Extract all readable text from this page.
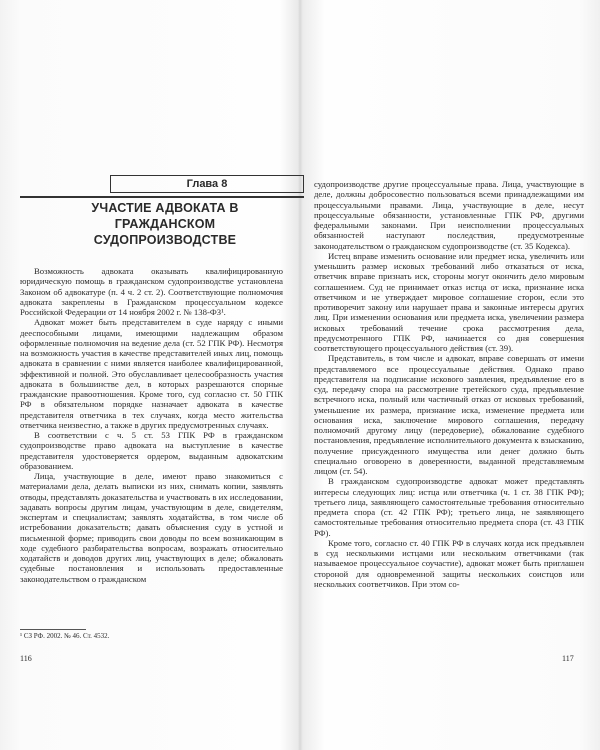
Глава 8
УЧАСТИЕ АДВОКАТА В ГРАЖДАНСКОМ СУДОПРОИЗВОДСТВЕ

Возможность адвоката оказывать квалифицированную юридическую помощь в гражданском судопроизводстве установлена Законом об адвокатуре (п. 4 ч. 2 ст. 2). Соответствующие полномочия адвоката закреплены в Гражданском процессуальном кодексе Российской Федерации от 14 ноября 2002 г. № 138-ФЗ¹.

Адвокат может быть представителем в суде наряду с иными дееспособными лицами, имеющими надлежащим образом оформленные полномочия на ведение дела (ст. 52 ГПК РФ). Несмотря на возможность участия в качестве представителей иных лиц, помощь адвоката в сравнении с ними является наиболее квалифицированной, эффективной и полной. Это обуславливает целесообразность участия адвоката в большинстве дел, в которых разрешаются спорные гражданские правоотношения. Кроме того, суд согласно ст. 50 ГПК РФ в обязательном порядке назначает адвоката в качестве представителя ответчика в тех случаях, когда место жительства ответчика неизвестно, а также в других предусмотренных случаях.

В соответствии с ч. 5 ст. 53 ГПК РФ в гражданском судопроизводстве право адвоката на выступление в качестве представителя удостоверяется ордером, выданным адвокатским образованием.

Лица, участвующие в деле, имеют право знакомиться с материалами дела, делать выписки из них, снимать копии, заявлять отводы, представлять доказательства и участвовать в их исследовании, задавать вопросы другим лицам, участвующим в деле, свидетелям, экспертам и специалистам; заявлять ходатайства, в том числе об истребовании доказательств; давать объяснения суду в устной и письменной форме; приводить свои доводы по всем возникающим в ходе судебного разбирательства вопросам, возражать относительно ходатайств и доводов других лиц, участвующих в деле; обжаловать судебные постановления и использовать предоставленные законодательством о гражданском

¹ СЗ РФ. 2002. № 46. Ст. 4532.
116

судопроизводстве другие процессуальные права. Лица, участвующие в деле, должны добросовестно пользоваться всеми принадлежащими им процессуальными правами. Лица, участвующие в деле, несут процессуальные обязанности, установленные ГПК РФ, другими федеральными законами. При неисполнении процессуальных обязанностей наступают последствия, предусмотренные законодательством о гражданском судопроизводстве (ст. 35 Кодекса).

Истец вправе изменить основание или предмет иска, увеличить или уменьшить размер исковых требований либо отказаться от иска, ответчик вправе признать иск, стороны могут окончить дело мировым соглашением. Суд не принимает отказ истца от иска, признание иска ответчиком и не утверждает мировое соглашение сторон, если это противоречит закону или нарушает права и законные интересы других лиц. При изменении основания или предмета иска, увеличении размера исковых требований течение срока рассмотрения дела, предусмотренного ГПК РФ, начинается со дня совершения соответствующего процессуального действия (ст. 39).

Представитель, в том числе и адвокат, вправе совершать от имени представляемого все процессуальные действия. Однако право представителя на подписание искового заявления, предъявление его в суд, передачу спора на рассмотрение третейского суда, предъявление встречного иска, полный или частичный отказ от исковых требований, уменьшение их размера, признание иска, изменение предмета или основания иска, заключение мирового соглашения, передачу полномочий другому лицу (передоверие), обжалование судебного постановления, предъявление исполнительного документа к взысканию, получение присужденного имущества или денег должно быть специально оговорено в доверенности, выданной представляемым лицом (ст. 54).

В гражданском судопроизводстве адвокат может представлять интересы следующих лиц: истца или ответчика (ч. 1 ст. 38 ГПК РФ); третьего лица, заявляющего самостоятельные требования относительно предмета спора (ст. 42 ГПК РФ); третьего лица, не заявляющего самостоятельные требования относительно предмета спора (ст. 43 ГПК РФ).

Кроме того, согласно ст. 40 ГПК РФ в случаях когда иск предъявлен в суд несколькими истцами или нескольким ответчиками (так называемое процессуальное соучастие), адвокат может быть приглашен стороной для одновременной защиты нескольких соистцов или нескольких соответчиков. При этом со-

117
